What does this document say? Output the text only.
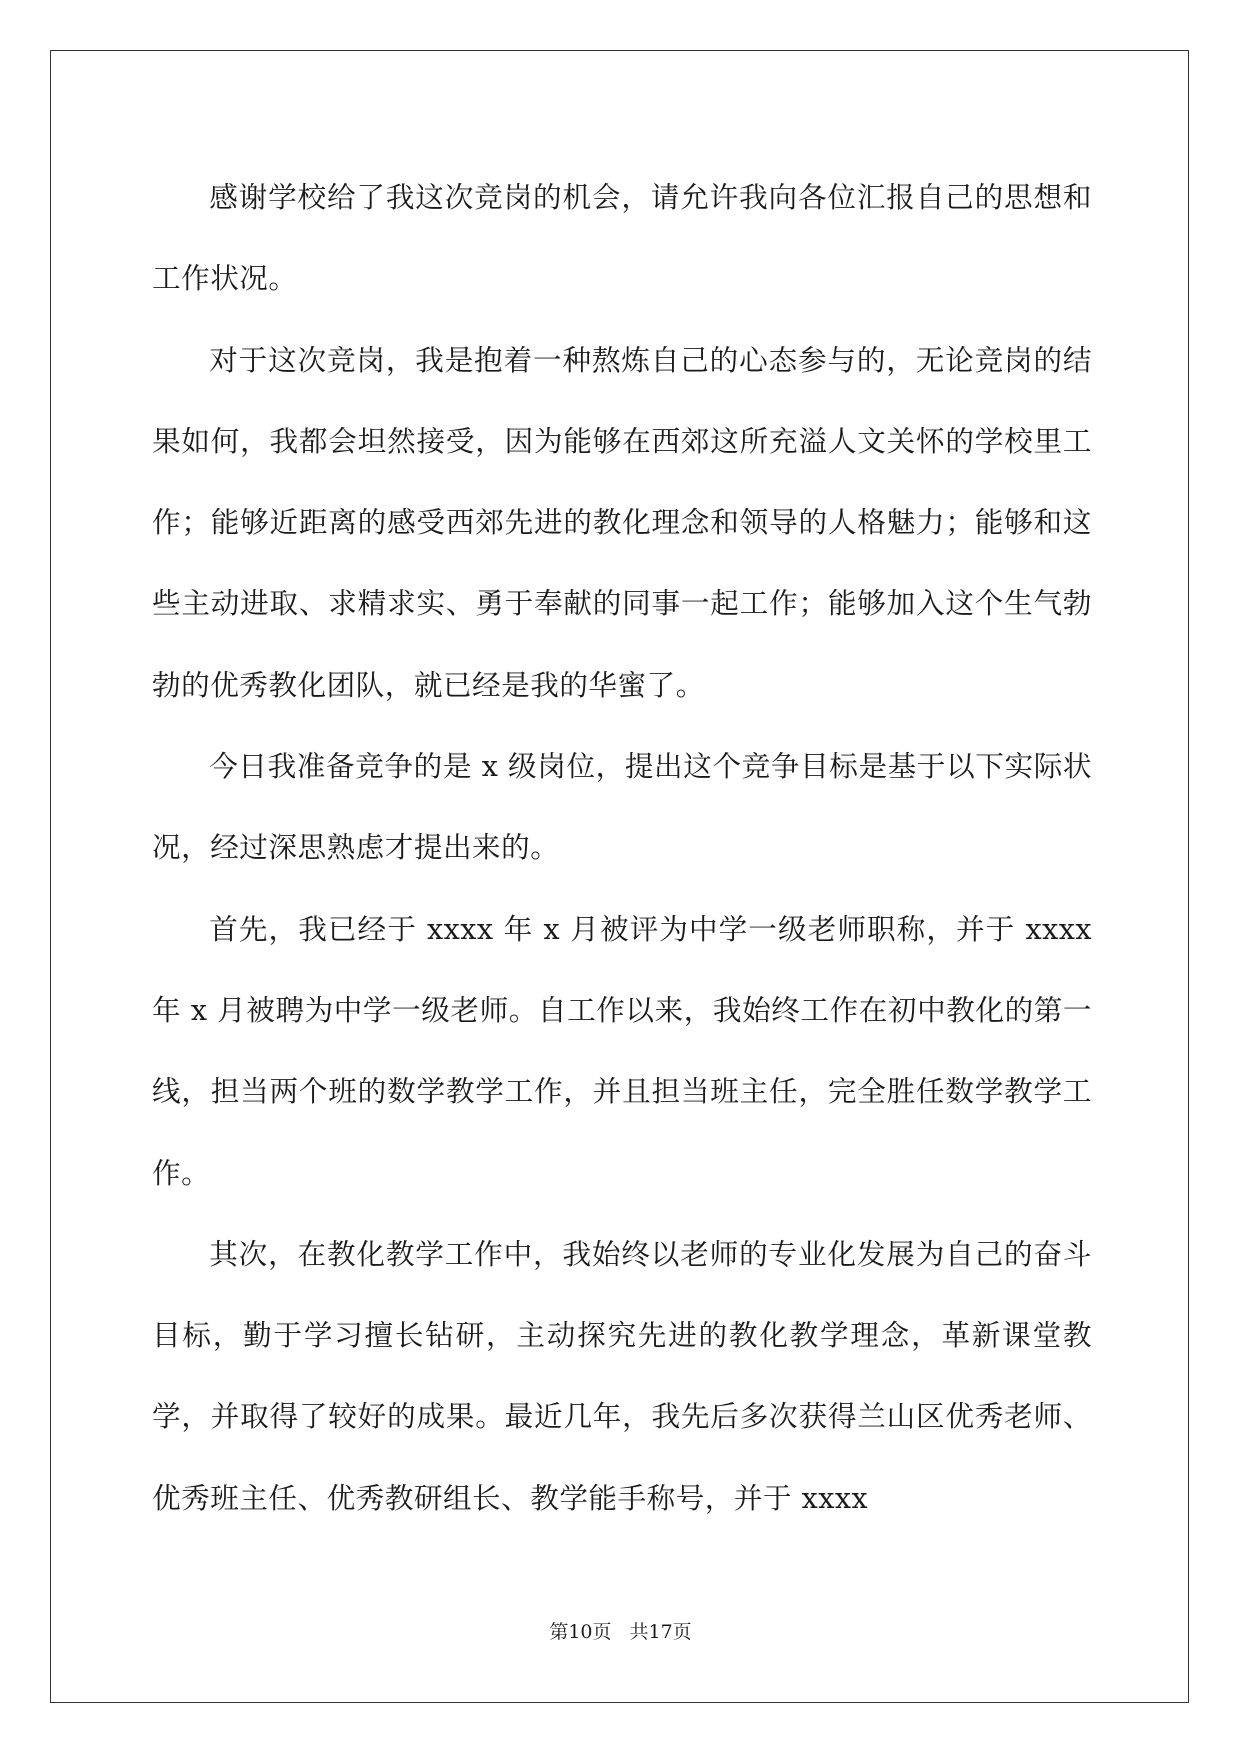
感谢学校给了我这次竞岗的机会，请允许我向各位汇报自己的思想和工作状况。

对于这次竞岗，我是抱着一种熬炼自己的心态参与的，无论竞岗的结果如何，我都会坦然接受，因为能够在西郊这所充溢人文关怀的学校里工作；能够近距离的感受西郊先进的教化理念和领导的人格魅力；能够和这些主动进取、求精求实、勇于奉献的同事一起工作；能够加入这个生气勃勃的优秀教化团队，就已经是我的华蜜了。

今日我准备竞争的是 x 级岗位，提出这个竞争目标是基于以下实际状况，经过深思熟虑才提出来的。

首先，我已经于 xxxx 年 x 月被评为中学一级老师职称，并于 xxxx 年 x 月被聘为中学一级老师。自工作以来，我始终工作在初中教化的第一线，担当两个班的数学教学工作，并且担当班主任，完全胜任数学教学工作。

其次，在教化教学工作中，我始终以老师的专业化发展为自己的奋斗目标，勤于学习擅长钻研，主动探究先进的教化教学理念，革新课堂教学，并取得了较好的成果。最近几年，我先后多次获得兰山区优秀老师、优秀班主任、优秀教研组长、教学能手称号，并于 xxxx

第10页 共17页
